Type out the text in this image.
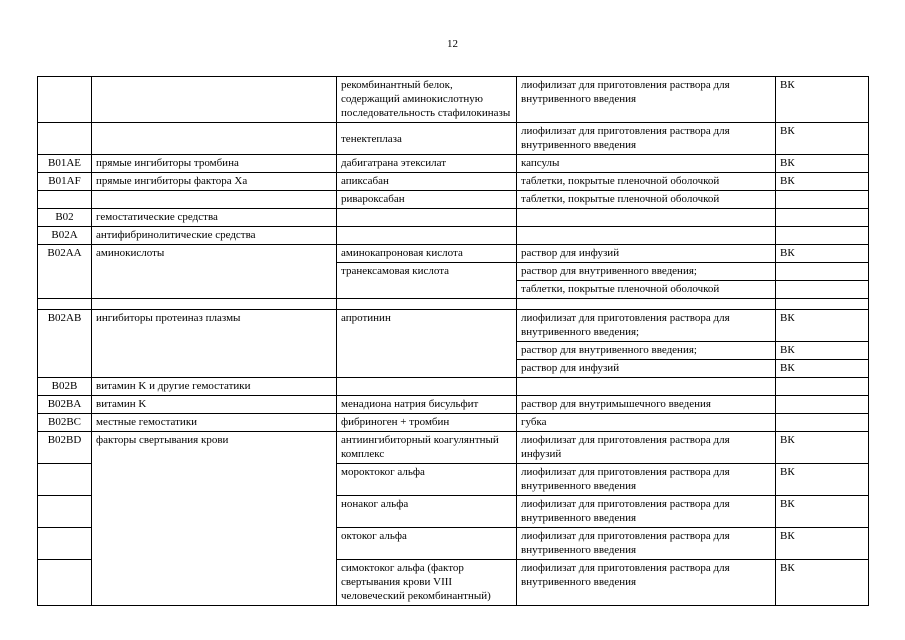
12
		рекомбинантный белок, содержащий аминокислотную последовательность стафилокиназы	лиофилизат для приготовления раствора для внутривенного введения	ВК
		тенектеплаза	лиофилизат для приготовления раствора для внутривенного введения	ВК
B01AE	прямые ингибиторы тромбина	дабигатрана этексилат	капсулы	ВК
B01AF	прямые ингибиторы фактора Xa	апиксабан	таблетки, покрытые пленочной оболочкой	ВК
		ривароксабан	таблетки, покрытые пленочной оболочкой	
B02	гемостатические средства			
B02A	антифибринолитические средства			
B02AA	аминокислоты	аминокапроновая кислота	раствор для инфузий	ВК
		транексамовая кислота	раствор для внутривенного введения;	
			таблетки, покрытые пленочной оболочкой	

B02AB	ингибиторы протеиназ плазмы	апротинин	лиофилизат для приготовления раствора для внутривенного введения;	ВК
			раствор для внутривенного введения;	ВК
			раствор для инфузий	ВК
B02B	витамин K и другие гемостатики			
B02BA	витамин K	менадиона натрия бисульфит	раствор для внутримышечного введения	
B02BC	местные гемостатики	фибриноген + тромбин	губка	
B02BD	факторы свертывания крови	антиингибиторный коагулянтный комплекс	лиофилизат для приготовления раствора для инфузий	ВК
		мороктоког альфа	лиофилизат для приготовления раствора для внутривенного введения	ВК
		нонаког альфа	лиофилизат для приготовления раствора для внутривенного введения	ВК
		октоког альфа	лиофилизат для приготовления раствора для внутривенного введения	ВК
		симоктоког альфа (фактор свертывания крови VIII человеческий рекомбинантный)	лиофилизат для приготовления раствора для внутривенного введения	ВК
